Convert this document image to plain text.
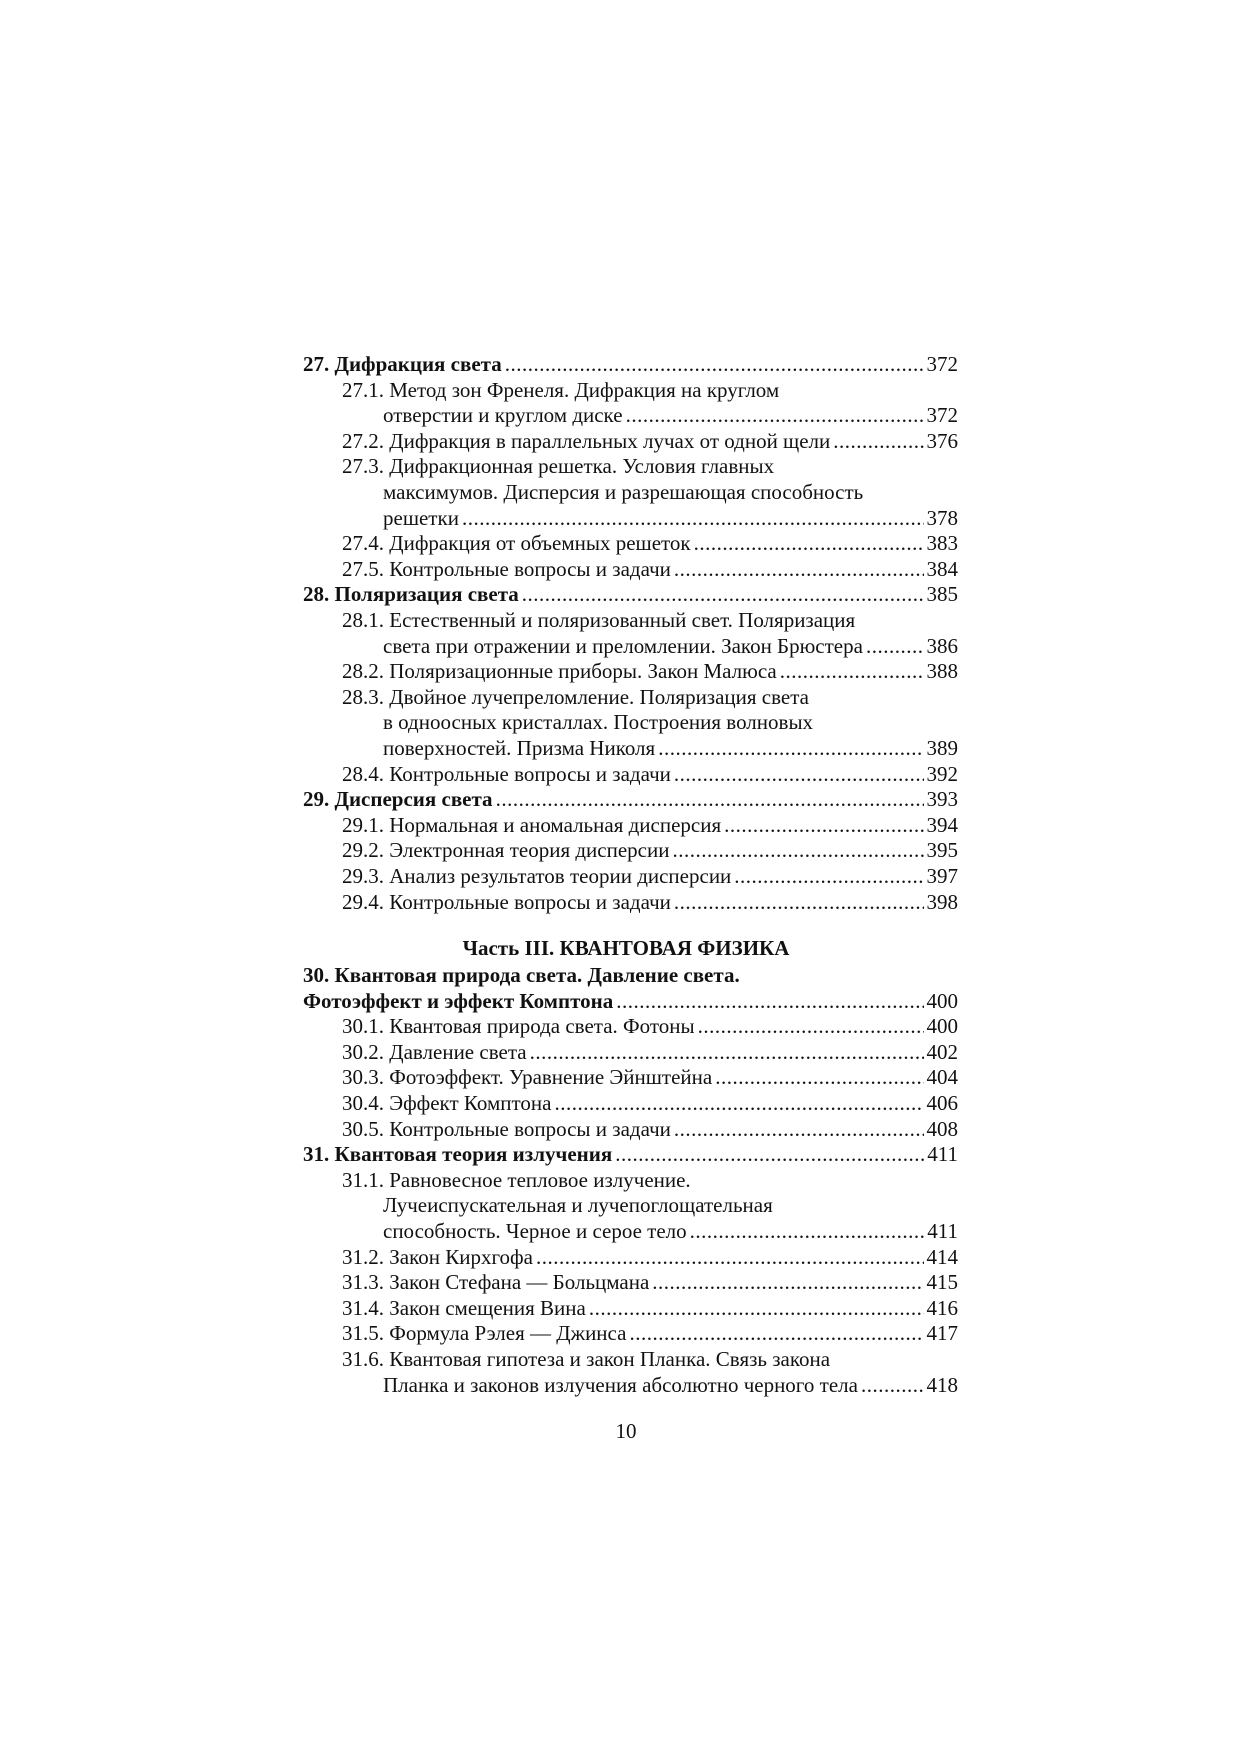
27. Дифракция света .....	372
27.1. Метод зон Френеля. Дифракция на круглом
отверстии и круглом диске .....	372
27.2. Дифракция в параллельных лучах от одной щели .....	376
27.3. Дифракционная решетка. Условия главных
максимумов. Дисперсия и разрешающая способность
решетки .....	378
27.4. Дифракция от объемных решеток .....	383
27.5. Контрольные вопросы и задачи .....	384
28. Поляризация света .....	385
28.1. Естественный и поляризованный свет. Поляризация
света при отражении и преломлении. Закон Брюстера .....	386
28.2. Поляризационные приборы. Закон Малюса .....	388
28.3. Двойное лучепреломление. Поляризация света
в одноосных кристаллах. Построения волновых
поверхностей. Призма Николя .....	389
28.4. Контрольные вопросы и задачи .....	392
29. Дисперсия света .....	393
29.1. Нормальная и аномальная дисперсия .....	394
29.2. Электронная теория дисперсии .....	395
29.3. Анализ результатов теории дисперсии .....	397
29.4. Контрольные вопросы и задачи .....	398
30. Квантовая природа света. Давление света.
Фотоэффект и эффект Комптона .....	400
30.1. Квантовая природа света. Фотоны .....	400
30.2. Давление света .....	402
30.3. Фотоэффект. Уравнение Эйнштейна .....	404
30.4. Эффект Комптона .....	406
30.5. Контрольные вопросы и задачи .....	408
31. Квантовая теория излучения .....	411
31.1. Равновесное тепловое излучение.
Лучеиспускательная и лучепоглощательная
способность. Черное и серое тело .....	411
31.2. Закон Кирхгофа .....	414
31.3. Закон Стефана — Больцмана .....	415
31.4. Закон смещения Вина .....	416
31.5. Формула Рэлея — Джинса .....	417
31.6. Квантовая гипотеза и закон Планка. Связь закона
Планка и законов излучения абсолютно черного тела .....	418
Часть III. КВАНТОВАЯ ФИЗИКА
10
